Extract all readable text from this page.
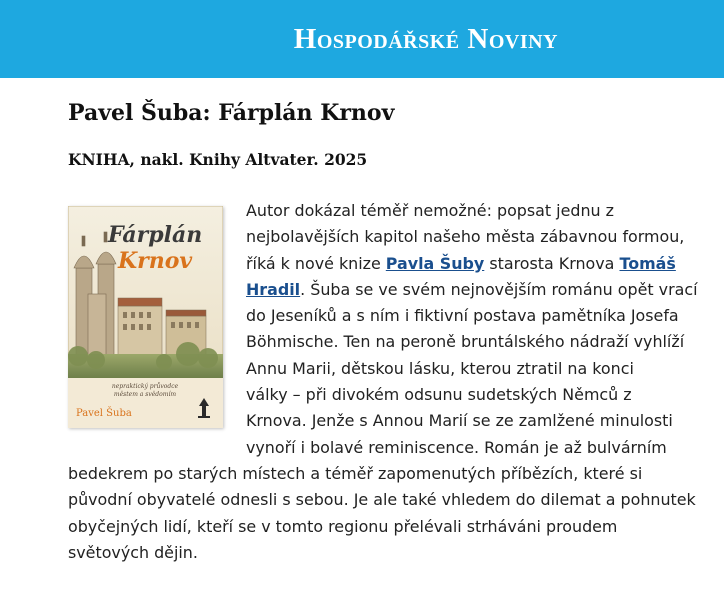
Hospodářské Noviny
Pavel Šuba: Fárplán Krnov
KNIHA, nakl. Knihy Altvater. 2025
Fárplán
Krnov
nepraktický průvodce
městem a svědomím
Pavel Šuba
Autor dokázal téměř nemožné: popsat jednu z
nejbolavějších kapitol našeho města zábavnou formou,
říká k nové knize Pavla Šuby starosta Krnova Tomáš
Hradil. Šuba se ve svém nejnovějším románu opět vrací
do Jeseníků a s ním i fiktivní postava pamětníka Josefa
Böhmische. Ten na peroně bruntálského nádraží vyhlíží
Annu Marii, dětskou lásku, kterou ztratil na konci
války – při divokém odsunu sudetských Němců z
Krnova. Jenže s Annou Marií se ze zamlžené minulosti
vynoří i bolavé reminiscence. Román je až bulvárním
bedekrem po starých místech a téměř zapomenutých příbězích, které si
původní obyvatelé odnesli s sebou. Je ale také vhledem do dilemat a pohnutek
obyčejných lidí, kteří se v tomto regionu přelévali strháváni proudem
světových dějin.
